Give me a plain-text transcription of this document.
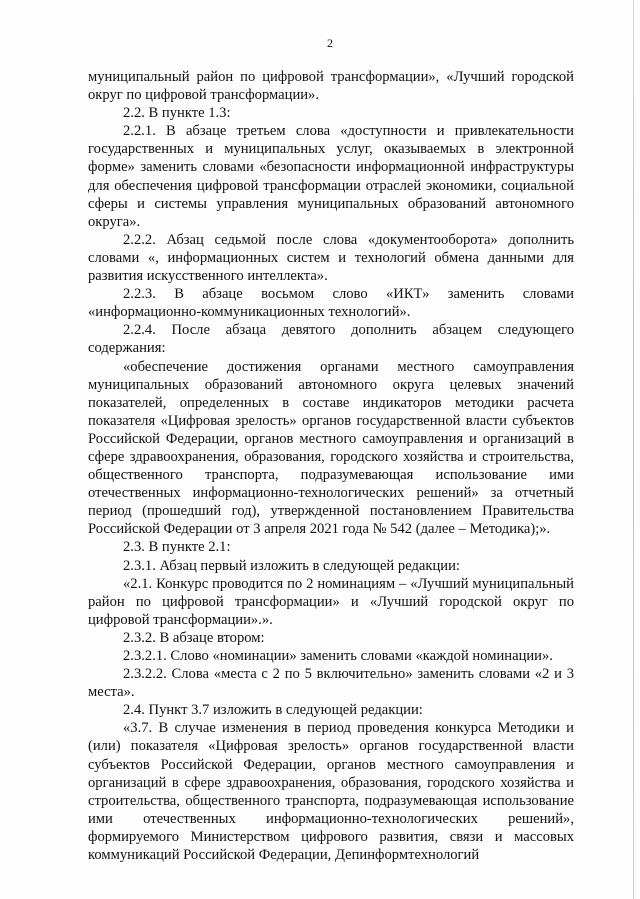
2

муниципальный район по цифровой трансформации», «Лучший городской округ по цифровой трансформации».

2.2. В пункте 1.3:

2.2.1. В абзаце третьем слова «доступности и привлекательности государственных и муниципальных услуг, оказываемых в электронной форме» заменить словами «безопасности информационной инфраструктуры для обеспечения цифровой трансформации отраслей экономики, социальной сферы и системы управления муниципальных образований автономного округа».

2.2.2. Абзац седьмой после слова «документооборота» дополнить словами «, информационных систем и технологий обмена данными для развития искусственного интеллекта».

2.2.3. В абзаце восьмом слово «ИКТ» заменить словами «информационно-коммуникационных технологий».

2.2.4. После абзаца девятого дополнить абзацем следующего содержания:

«обеспечение достижения органами местного самоуправления муниципальных образований автономного округа целевых значений показателей, определенных в составе индикаторов методики расчета показателя «Цифровая зрелость» органов государственной власти субъектов Российской Федерации, органов местного самоуправления и организаций в сфере здравоохранения, образования, городского хозяйства и строительства, общественного транспорта, подразумевающая использование ими отечественных информационно-технологических решений» за отчетный период (прошедший год), утвержденной постановлением Правительства Российской Федерации от 3 апреля 2021 года № 542 (далее – Методика);».

2.3. В пункте 2.1:

2.3.1. Абзац первый изложить в следующей редакции:

«2.1. Конкурс проводится по 2 номинациям – «Лучший муниципальный район по цифровой трансформации» и «Лучший городской округ по цифровой трансформации».».

2.3.2. В абзаце втором:

2.3.2.1. Слово «номинации» заменить словами «каждой номинации».

2.3.2.2. Слова «места с 2 по 5 включительно» заменить словами «2 и 3 места».

2.4. Пункт 3.7 изложить в следующей редакции:

«3.7. В случае изменения в период проведения конкурса Методики и (или) показателя «Цифровая зрелость» органов государственной власти субъектов Российской Федерации, органов местного самоуправления и организаций в сфере здравоохранения, образования, городского хозяйства и строительства, общественного транспорта, подразумевающая использование ими отечественных информационно-технологических решений», формируемого Министерством цифрового развития, связи и массовых коммуникаций Российской Федерации, Депинформтехнологий
